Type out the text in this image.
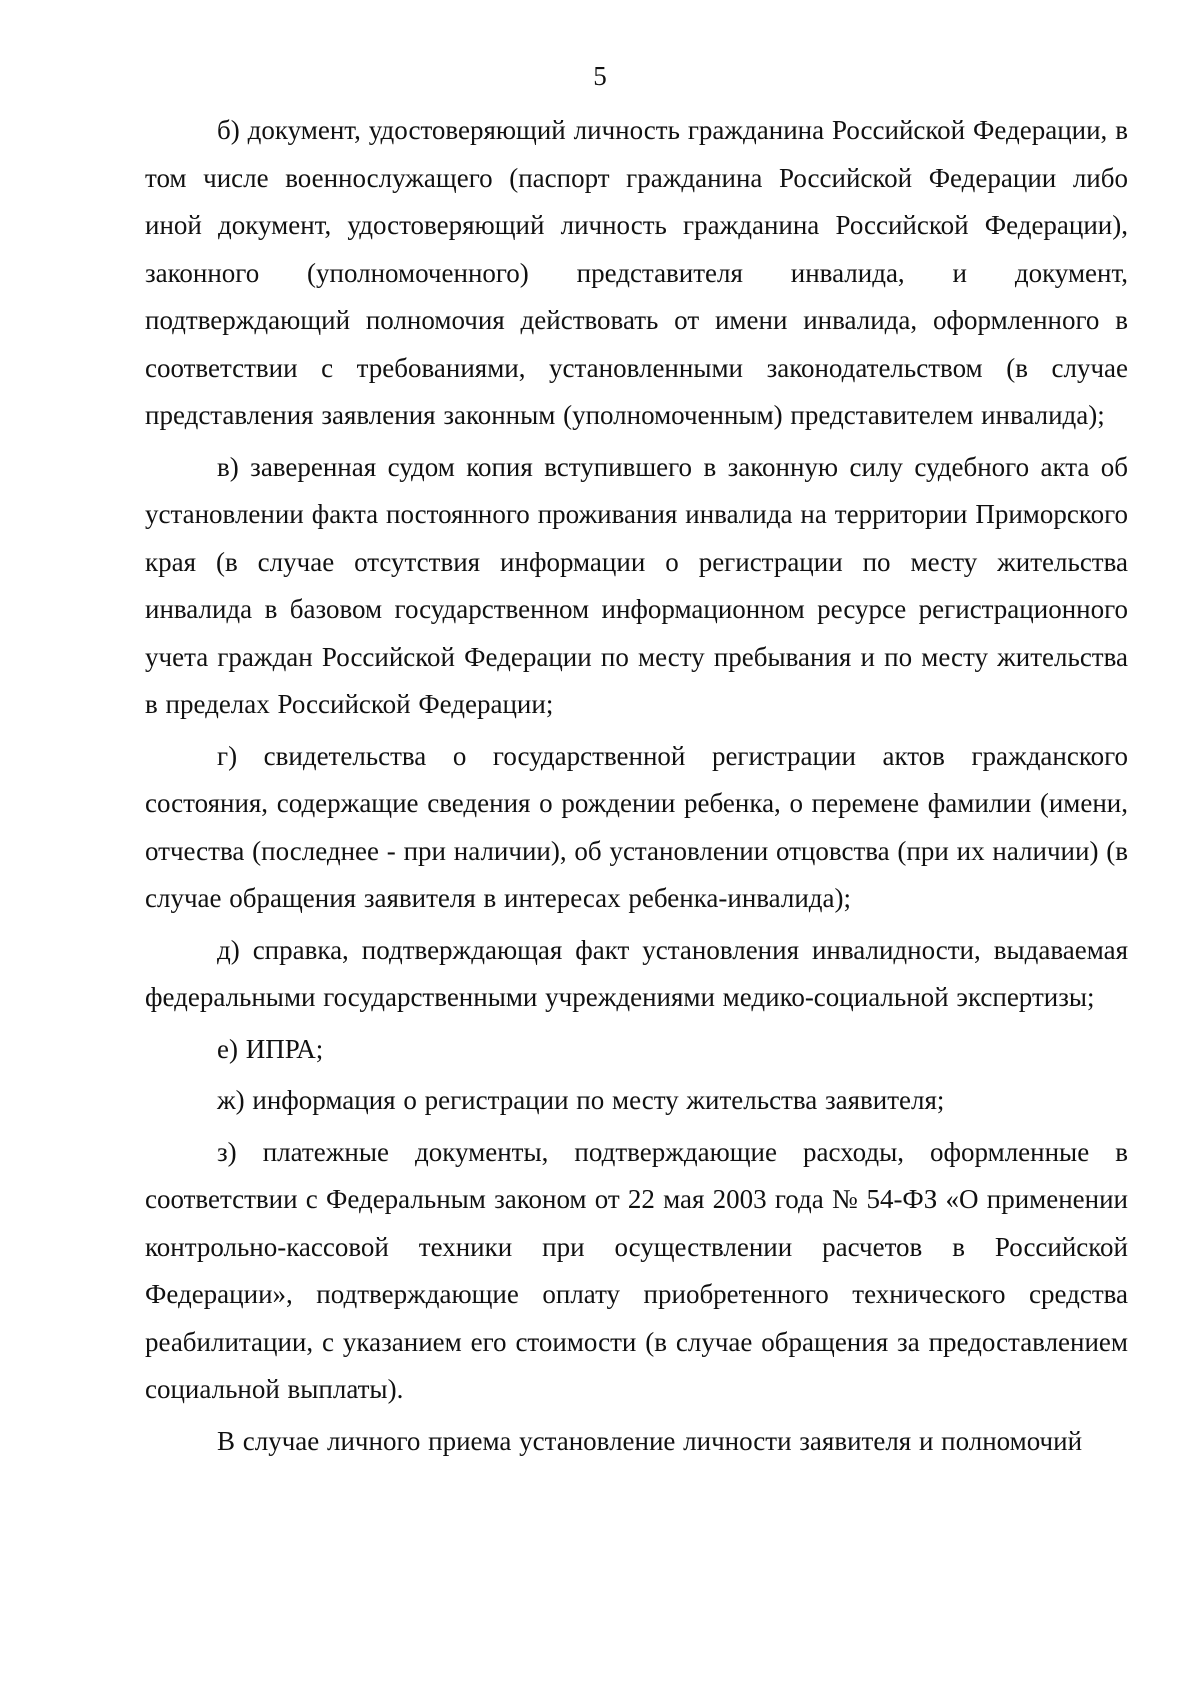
5

б) документ, удостоверяющий личность гражданина Российской Федерации, в том числе военнослужащего (паспорт гражданина Российской Федерации либо иной документ, удостоверяющий личность гражданина Российской Федерации), законного (уполномоченного) представителя инвалида, и документ, подтверждающий полномочия действовать от имени инвалида, оформленного в соответствии с требованиями, установленными законодательством (в случае представления заявления законным (уполномоченным) представителем инвалида);

в) заверенная судом копия вступившего в законную силу судебного акта об установлении факта постоянного проживания инвалида на территории Приморского края (в случае отсутствия информации о регистрации по месту жительства инвалида в базовом государственном информационном ресурсе регистрационного учета граждан Российской Федерации по месту пребывания и по месту жительства в пределах Российской Федерации;

г) свидетельства о государственной регистрации актов гражданского состояния, содержащие сведения о рождении ребенка, о перемене фамилии (имени, отчества (последнее - при наличии), об установлении отцовства (при их наличии) (в случае обращения заявителя в интересах ребенка-инвалида);

д) справка, подтверждающая факт установления инвалидности, выдаваемая федеральными государственными учреждениями медико-социальной экспертизы;

е) ИПРА;

ж) информация о регистрации по месту жительства заявителя;

з) платежные документы, подтверждающие расходы, оформленные в соответствии с Федеральным законом от 22 мая 2003 года № 54-ФЗ «О применении контрольно-кассовой техники при осуществлении расчетов в Российской Федерации», подтверждающие оплату приобретенного технического средства реабилитации, с указанием его стоимости (в случае обращения за предоставлением социальной выплаты).

В случае личного приема установление личности заявителя и полномочий
